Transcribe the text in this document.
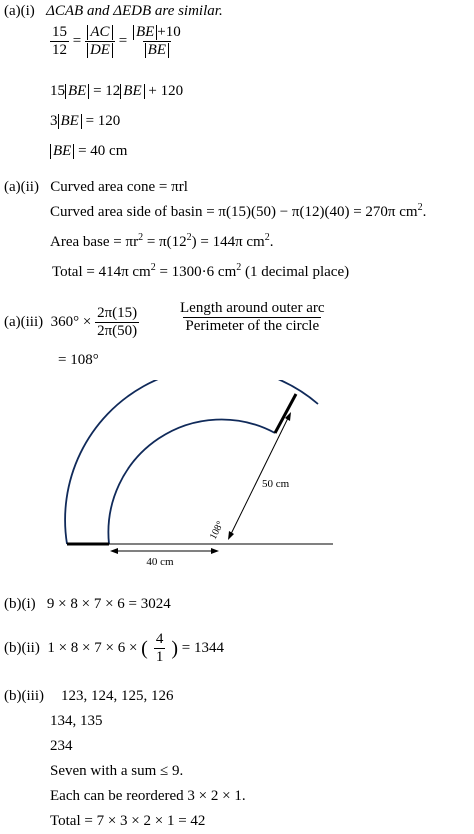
(a)(i) ΔCAB and ΔEDB are similar.
$\frac{15}{12} = \frac{AC}{DE} = \frac{BE +10}{BE}$
15 BE = 12 BE + 120
3 BE = 120
BE = 40 cm
(a)(ii) Curved area cone = πrl
Curved area side of basin = π(15)(50) − π(12)(40) = 270π $cm^2$.
Area base = $\pi r^2 = \pi(12^2) = 144\pi$ $cm^2$.
Total = 414π $cm^2 = 1300\cdot 6$ $cm^2$ (1 decimal place)
(a)(iii) $360^\circ \times \frac{2\pi(15)}{2\pi(50)}$	$\frac{\text{Length around outer arc}}{\text{Perimeter of the circle}}$
= 108°
40 cm
50 cm
108°
(b)(i) 9 × 8 × 7 × 6 = 3024
(b)(ii) 1 × 8 × 7 × 6 × ( $\frac{4}{1}$ ) = 1344
(b)(iii) 123, 124, 125, 126
134, 135
234
Seven with a sum ≤ 9.
Each can be reordered 3 × 2 × 1.
Total = 7 × 3 × 2 × 1 = 42
